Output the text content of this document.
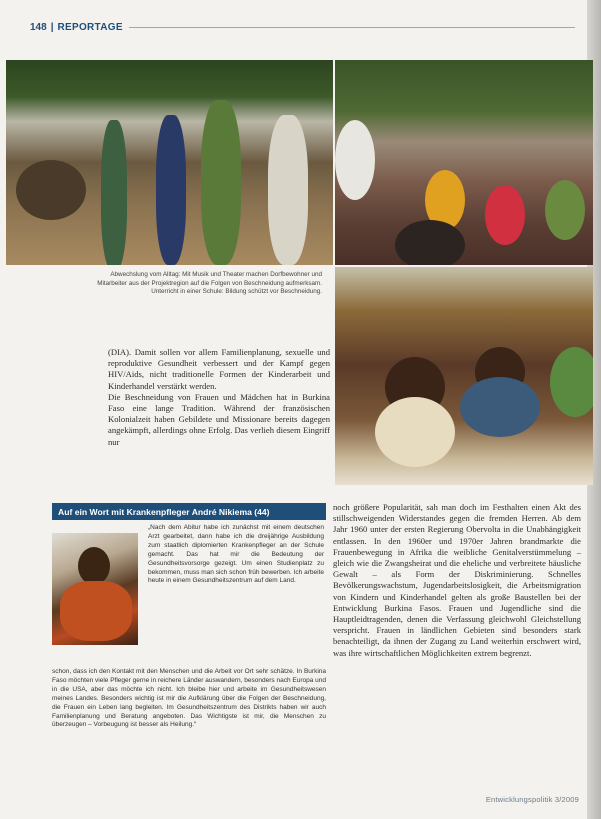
148 | REPORTAGE
Abwechslung vom Alltag: Mit Musik und Theater machen Dorfbewohner und Mitarbeiter aus der Projektregion auf die Folgen von Beschneidung aufmerksam. Unterricht in einer Schule: Bildung schützt vor Beschneidung.

(DIA). Damit sollen vor allem Familienplanung, sexuelle und reproduktive Gesundheit verbessert und der Kampf gegen HIV/Aids, nicht traditionelle Formen der Kinderarbeit und Kinderhandel verstärkt werden.

Die Beschneidung von Frauen und Mädchen hat in Burkina Faso eine lange Tradition. Während der französischen Kolonialzeit haben Gebildete und Missionare bereits dagegen angekämpft, allerdings ohne Erfolg. Das verlieh diesem Eingriff nur

Auf ein Wort mit Krankenpfleger André Nikiema (44)
„Nach dem Abitur habe ich zunächst mit einem deutschen Arzt gearbeitet, dann habe ich die dreijährige Ausbildung zum staatlich diplomierten Krankenpfleger an der Schule gemacht. Das hat mir die Bedeutung der Gesundheitsvorsorge gezeigt. Um einen Studienplatz zu bekommen, muss man sich schon früh bewerben. Ich arbeite heute in einem Gesundheitszentrum auf dem Land.
schon, dass ich den Kontakt mit den Menschen und die Arbeit vor Ort sehr schätze. In Burkina Faso möchten viele Pfleger gerne in reichere Länder auswandern, besonders nach Europa und in die USA, aber das möchte ich nicht. Ich bleibe hier und arbeite im Gesundheitswesen meines Landes. Besonders wichtig ist mir die Aufklärung über die Folgen der Beschneidung, die Frauen ein Leben lang begleiten. Im Gesundheitszentrum des Distrikts haben wir auch Familienplanung und Beratung angeboten. Das Wichtigste ist mir, die Menschen zu überzeugen – Vorbeugung ist besser als Heilung.“
noch größere Popularität, sah man doch im Festhalten einen Akt des stillschweigenden Widerstandes gegen die fremden Herren. Ab dem Jahr 1960 unter der ersten Regierung Obervolta in die Unabhängigkeit entlassen. In den 1960er und 1970er Jahren brandmarkte die Frauenbewegung in Afrika die weibliche Genitalverstümmelung – gleich wie die Zwangsheirat und die eheliche und verbreitete häusliche Gewalt – als Form der Diskriminierung. Schnelles Bevölkerungswachstum, Jugendarbeitslosigkeit, die Arbeitsmigration von Kindern und Kinderhandel gelten als große Baustellen bei der Entwicklung Burkina Fasos. Frauen und Jugendliche sind die Hauptleidtragenden, denen die Verfassung gleichwohl Gleichstellung verspricht. Frauen in ländlichen Gebieten sind besonders stark benachteiligt, da ihnen der Zugang zu Land weiterhin erschwert wird, was ihre wirtschaftlichen Möglichkeiten extrem begrenzt.
Entwicklungspolitik 3/2009
